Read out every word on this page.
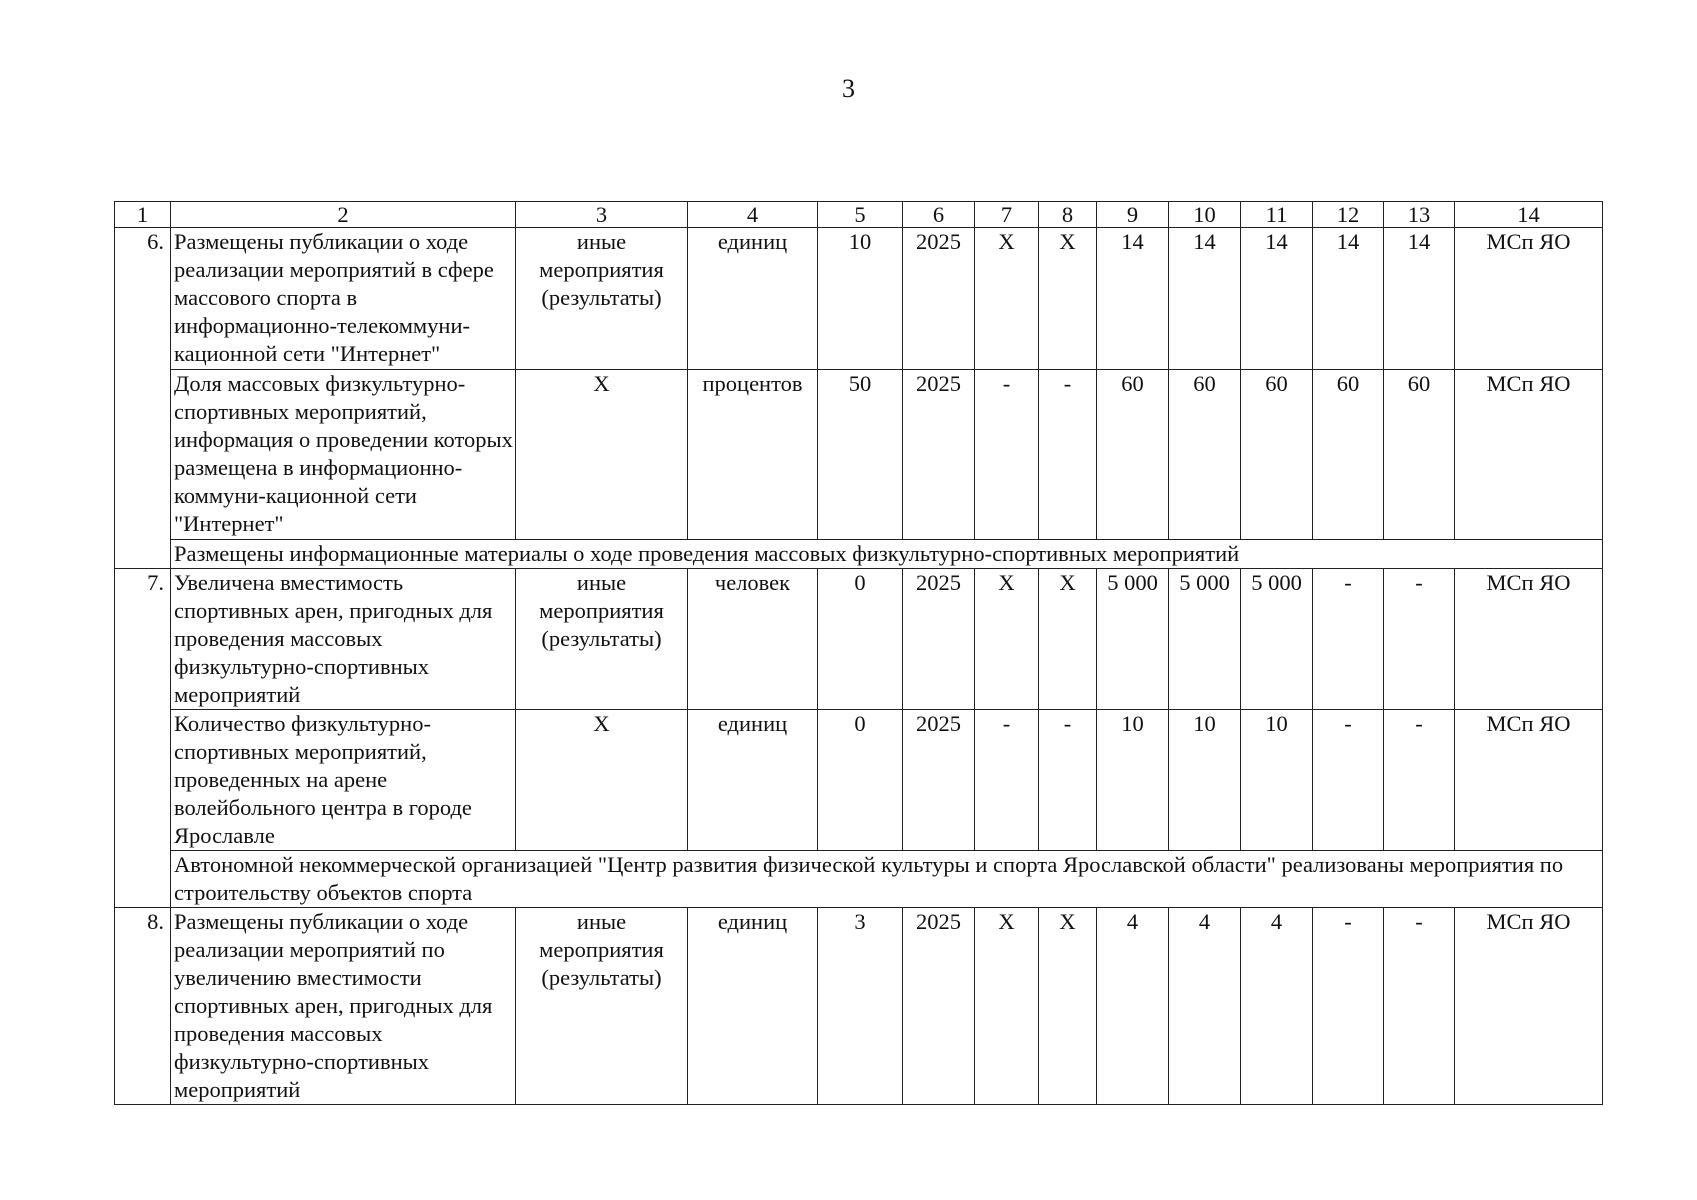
3
1	2	3	4	5	6	7	8	9	10	11	12	13	14
6.	Размещены публикации о ходе реализации мероприятий в сфере массового спорта в информационно-телекоммуни-кационной сети "Интернет"	иные мероприятия (результаты)	единиц	10	2025	X	X	14	14	14	14	14	МСп ЯО
	Доля массовых физкультурно-спортивных мероприятий, информация о проведении которых размещена в информационно-коммуни-кационной сети "Интернет"	X	процентов	50	2025	-	-	60	60	60	60	60	МСп ЯО
	Размещены информационные материалы о ходе проведения массовых физкультурно-спортивных мероприятий												
7.	Увеличена вместимость спортивных арен, пригодных для проведения массовых физкультурно-спортивных мероприятий	иные мероприятия (результаты)	человек	0	2025	X	X	5 000	5 000	5 000	-	-	МСп ЯО
	Количество физкультурно-спортивных мероприятий, проведенных на арене волейбольного центра в городе Ярославле	X	единиц	0	2025	-	-	10	10	10	-	-	МСп ЯО
	Автономной некоммерческой организацией "Центр развития физической культуры и спорта Ярославской области" реализованы мероприятия по строительству объектов спорта												
8.	Размещены публикации о ходе реализации мероприятий по увеличению вместимости спортивных арен, пригодных для проведения массовых физкультурно-спортивных мероприятий	иные мероприятия (результаты)	единиц	3	2025	X	X	4	4	4	-	-	МСп ЯО
